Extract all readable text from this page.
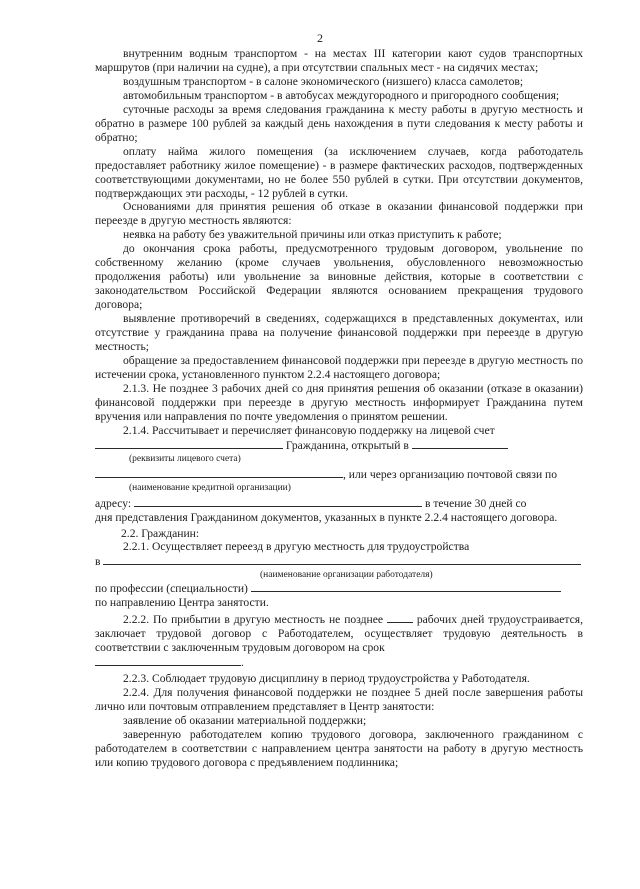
2

внутренним водным транспортом - на местах III категории кают судов транспортных маршрутов (при наличии на судне), а при отсутствии спальных мест - на сидячих местах;

воздушным транспортом - в салоне экономического (низшего) класса самолетов;

автомобильным транспортом - в автобусах междугородного и пригородного сообщения;

суточные расходы за время следования гражданина к месту работы в другую местность и обратно в размере 100 рублей за каждый день нахождения в пути следования к месту работы и обратно;

оплату найма жилого помещения (за исключением случаев, когда работодатель предоставляет работнику жилое помещение) - в размере фактических расходов, подтвержденных соответствующими документами, но не более 550 рублей в сутки. При отсутствии документов, подтверждающих эти расходы, - 12 рублей в сутки.

Основаниями для принятия решения об отказе в оказании финансовой поддержки при переезде в другую местность являются:

неявка на работу без уважительной причины или отказ приступить к работе;

до окончания срока работы, предусмотренного трудовым договором, увольнение по собственному желанию (кроме случаев увольнения, обусловленного невозможностью продолжения работы) или увольнение за виновные действия, которые в соответствии с законодательством Российской Федерации являются основанием прекращения трудового договора;

выявление противоречий в сведениях, содержащихся в представленных документах, или отсутствие у гражданина права на получение финансовой поддержки при переезде в другую местность;

обращение за предоставлением финансовой поддержки при переезде в другую местность по истечении срока, установленного пунктом 2.2.4 настоящего договора;

2.1.3. Не позднее 3 рабочих дней со дня принятия решения об оказании (отказе в оказании) финансовой поддержки при переезде в другую местность информирует Гражданина путем вручения или направления по почте уведомления о принятом решении.

2.1.4. Рассчитывает и перечисляет финансовую поддержку на лицевой счет

Гражданина, открытый в

(реквизиты лицевого счета)

, или через организацию почтовой связи по

(наименование кредитной организации)

адресу:	в течение 30 дней со

дня представления Гражданином документов, указанных в пункте 2.2.4 настоящего договора.

2.2. Гражданин:

2.2.1. Осуществляет переезд в другую местность для трудоустройства

в

(наименование организации работодателя)

по профессии (специальности)

по направлению Центра занятости.

2.2.2. По прибытии в другую местность не позднее	рабочих дней трудоустраивается, заключает трудовой договор с Работодателем, осуществляет трудовую деятельность в соответствии с заключенным трудовым договором на срок

.

2.2.3. Соблюдает трудовую дисциплину в период трудоустройства у Работодателя.

2.2.4. Для получения финансовой поддержки не позднее 5 дней после завершения работы лично или почтовым отправлением представляет в Центр занятости:

заявление об оказании материальной поддержки;

заверенную работодателем копию трудового договора, заключенного гражданином с работодателем в соответствии с направлением центра занятости на работу в другую местность или копию трудового договора с предъявлением подлинника;
